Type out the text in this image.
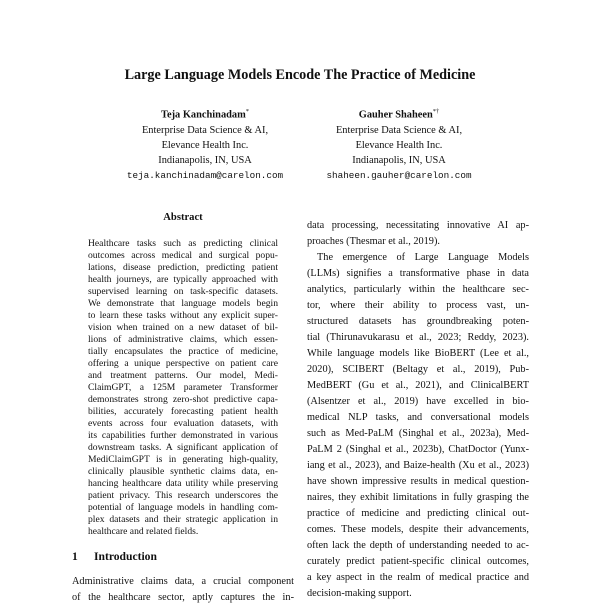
Large Language Models Encode The Practice of Medicine
Teja Kanchinadam*
Enterprise Data Science & AI,
Elevance Health Inc.
Indianapolis, IN, USA
teja.kanchinadam@carelon.com
Gauher Shaheen*†
Enterprise Data Science & AI,
Elevance Health Inc.
Indianapolis, IN, USA
shaheen.gauher@carelon.com
Abstract
Healthcare tasks such as predicting clinical
outcomes across medical and surgical popu-
lations, disease prediction, predicting patient
health journeys, are typically approached with
supervised learning on task-specific datasets.
We demonstrate that language models begin
to learn these tasks without any explicit super-
vision when trained on a new dataset of bil-
lions of administrative claims, which essen-
tially encapsulates the practice of medicine,
offering a unique perspective on patient care
and treatment patterns. Our model, Medi-
ClaimGPT, a 125M parameter Transformer
demonstrates strong zero-shot predictive capa-
bilities, accurately forecasting patient health
events across four evaluation datasets, with
its capabilities further demonstrated in various
downstream tasks. A significant application of
MediClaimGPT is in generating high-quality,
clinically plausible synthetic claims data, en-
hancing healthcare data utility while preserving
patient privacy. This research underscores the
potential of language models in handling com-
plex datasets and their strategic application in
healthcare and related fields.
1 Introduction
Administrative claims data, a crucial component
of the healthcare sector, aptly captures the in-
data processing, necessitating innovative AI ap-
proaches (Thesmar et al., 2019).
The emergence of Large Language Models
(LLMs) signifies a transformative phase in data
analytics, particularly within the healthcare sec-
tor, where their ability to process vast, un-
structured datasets has groundbreaking poten-
tial (Thirunavukarasu et al., 2023; Reddy, 2023).
While language models like BioBERT (Lee et al.,
2020), SCIBERT (Beltagy et al., 2019), Pub-
MedBERT (Gu et al., 2021), and ClinicalBERT
(Alsentzer et al., 2019) have excelled in bio-
medical NLP tasks, and conversational models
such as Med-PaLM (Singhal et al., 2023a), Med-
PaLM 2 (Singhal et al., 2023b), ChatDoctor (Yunx-
iang et al., 2023), and Baize-health (Xu et al., 2023)
have shown impressive results in medical question-
naires, they exhibit limitations in fully grasping the
practice of medicine and predicting clinical out-
comes. These models, despite their advancements,
often lack the depth of understanding needed to ac-
curately predict patient-specific clinical outcomes,
a key aspect in the realm of medical practice and
decision-making support.
